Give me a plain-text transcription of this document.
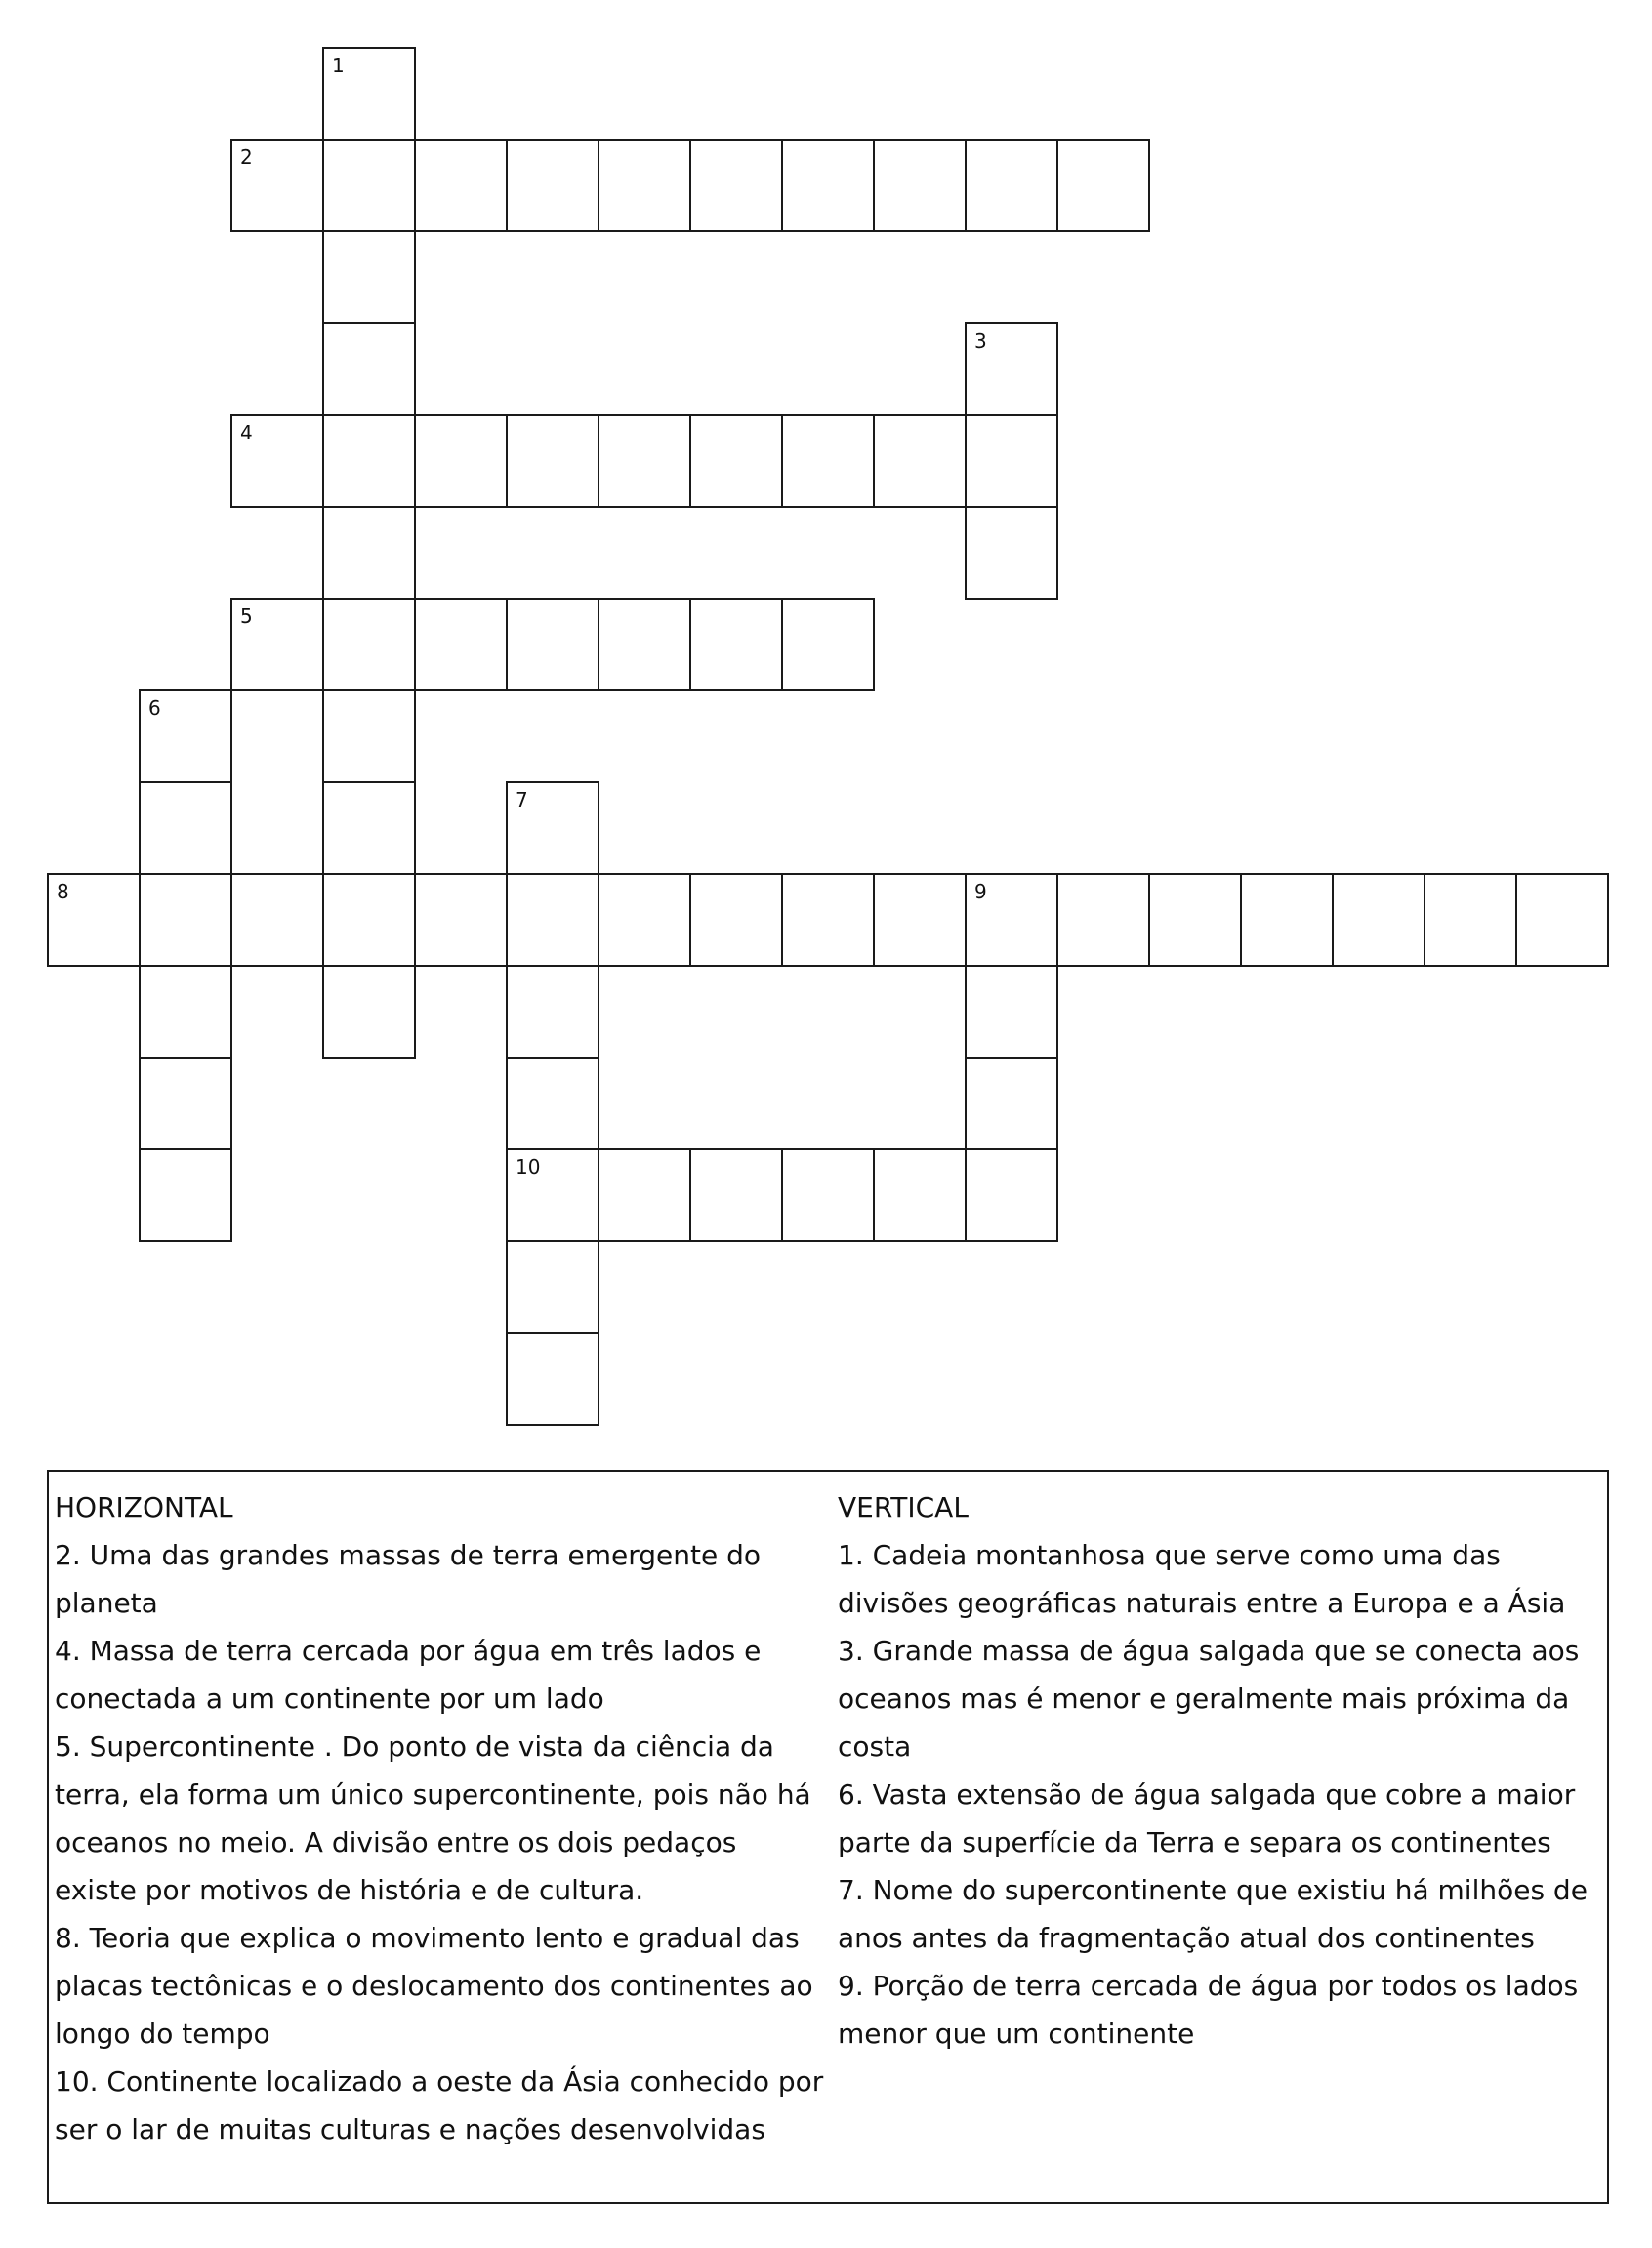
1
2
3
4
5
6
7
10
8	9

HORIZONTAL

2. Uma das grandes massas de terra emergente do planeta

4. Massa de terra cercada por água em três lados e conectada a um continente por um lado

5. Supercontinente . Do ponto de vista da ciência da terra, ela forma um único supercontinente, pois não há oceanos no meio. A divisão entre os dois pedaços existe por motivos de história e de cultura.

8. Teoria que explica o movimento lento e gradual das placas tectônicas e o deslocamento dos continentes ao longo do tempo

10. Continente localizado a oeste da Ásia conhecido por ser o lar de muitas culturas e nações desenvolvidas

VERTICAL

1. Cadeia montanhosa que serve como uma das divisões geográficas naturais entre a Europa e a Ásia

3. Grande massa de água salgada que se conecta aos oceanos mas é menor e geralmente mais próxima da costa

6. Vasta extensão de água salgada que cobre a maior parte da superfície da Terra e separa os continentes

7. Nome do supercontinente que existiu há milhões de anos antes da fragmentação atual dos continentes

9. Porção de terra cercada de água por todos os lados menor que um continente
